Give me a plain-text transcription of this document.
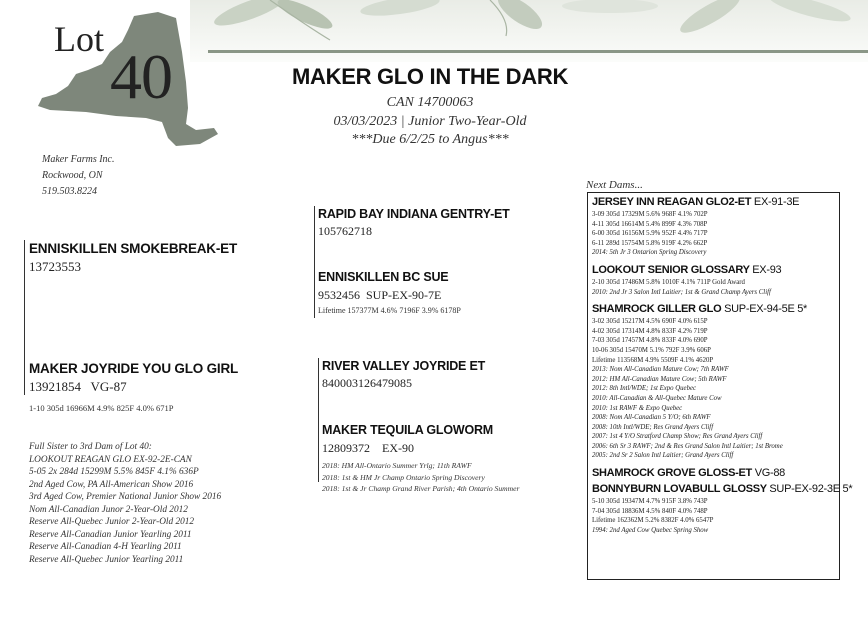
Lot
40	MAKER GLO IN THE DARK
CAN 14700063
03/03/2023 | Junior Two-Year-Old
***Due 6/2/25 to Angus***
Maker Farms Inc.
Rockwood, ON
519.503.8224
ENNISKILLEN SMOKEBREAK-ET
13723553
MAKER JOYRIDE YOU GLO GIRL
13921854   VG-87
1-10 305d 16966M 4.9% 825F 4.0% 671P
Full Sister to 3rd Dam of Lot 40:
LOOKOUT REAGAN GLO EX-92-2E-CAN
5-05 2x 284d 15299M 5.5% 845F 4.1% 636P
2nd Aged Cow, PA All-American Show 2016
3rd Aged Cow, Premier National Junior Show 2016
Nom All-Canadian Junor 2-Year-Old 2012
Reserve All-Quebec Junior 2-Year-Old 2012
Reserve All-Canadian Junior Yearling 2011
Reserve All-Canadian 4-H Yearling 2011
Reserve All-Quebec Junior Yearling 2011
RAPID BAY INDIANA GENTRY-ET
105762718
ENNISKILLEN BC SUE
9532456  SUP-EX-90-7E
Lifetime 157377M 4.6% 7196F 3.9% 6178P
RIVER VALLEY JOYRIDE ET
840003126479085
MAKER TEQUILA GLOWORM
12809372    EX-90
2018: HM All-Ontario Summer Yrlg; 11th RAWF
2018: 1st & HM Jr Champ Ontario Spring Discovery
2018: 1st & Jr Champ Grand River Parish; 4th Ontario Summer
Next Dams...
JERSEY INN REAGAN GLO2-ET EX-91-3E
3-09 305d 17329M 5.6% 968F 4.1% 702P
4-11 305d 16614M 5.4% 899F 4.3% 708P
6-00 305d 16156M 5.9% 952F 4.4% 717P
6-11 289d 15754M 5.8% 919F 4.2% 662P
2014: 5th Jr 3 Ontarion Spring Discovery
LOOKOUT SENIOR GLOSSARY EX-93
2-10 305d 17486M 5.8% 1010F 4.1% 711P Gold Award
2010: 2nd Jr 3 Salon Intl Laitier; 1st & Grand Champ Ayers Cliff
SHAMROCK GILLER GLO SUP-EX-94-5E 5*
3-02 305d 15217M 4.5% 690F 4.0% 615P
4-02 305d 17314M 4.8% 833F 4.2% 719P
7-03 305d 17457M 4.8% 833F 4.0% 690P
10-06 305d 15470M 5.1% 792F 3.9% 606P
Lifetime 113568M 4.9% 5509F 4.1% 4620P
2013: Nom All-Canadian Mature Cow; 7th RAWF
2012: HM All-Canadian Mature Cow; 5th RAWF
2012: 8th Intl/WDE; 1st Expo Quebec
2010: All-Canadian & All-Quebec Mature Cow
2010: 1st RAWF & Expo Quebec
2008: Nom All-Canadian 5 Y/O; 6th RAWF
2008: 10th Intl/WDE; Res Grand Ayers Cliff
2007: 1st 4 Y/O Stratford Champ Show; Res Grand Ayers Cliff
2006: 6th Sr 3 RAWF; 2nd & Res Grand Salon Intl Laitier; 1st Brome
2005: 2nd Sr 2 Salon Intl Laitier; Grand Ayers Cliff
SHAMROCK GROVE GLOSS-ET VG-88
BONNYBURN LOVABULL GLOSSY SUP-EX-92-3E 5*
5-10 305d 19347M 4.7% 915F 3.8% 743P
7-04 305d 18836M 4.5% 840F 4.0% 748P
Lifetime 162362M 5.2% 8382F 4.0% 6547P
1994: 2nd Aged Cow Quebec Spring Show
